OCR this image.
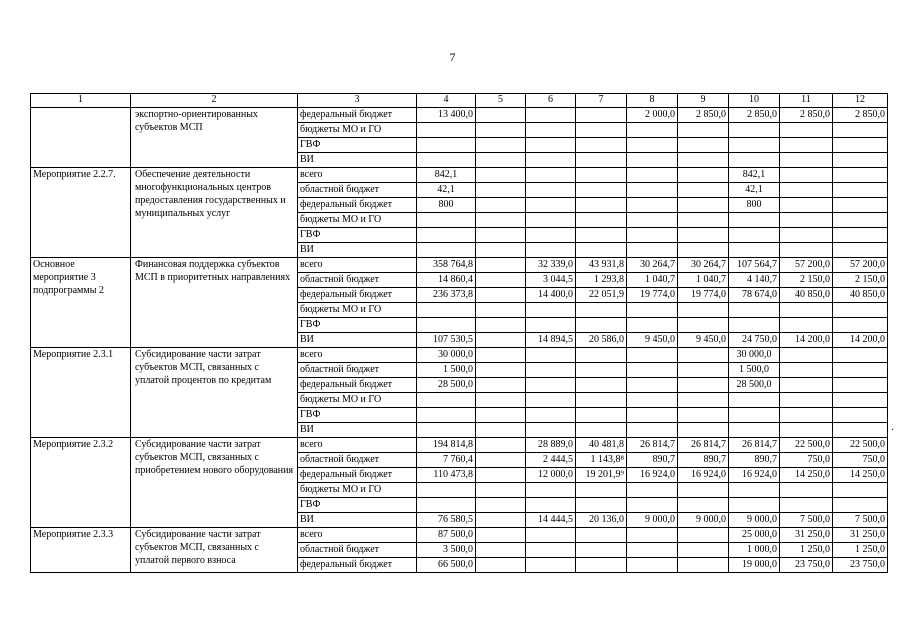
7
1	2	3	4	5	6	7	8	9	10	11	12
	экспортно-ориентированных субъектов МСП	федеральный бюджет	13 400,0				2 000,0	2 850,0	2 850,0	2 850,0	2 850,0
		бюджеты МО и ГО									
		ГВФ									
		ВИ									
Мероприятие 2.2.7.	Обеспечение деятельности многофункциональных центров предоставления государственных и муниципальных услуг	всего	842,1						842,1		
		областной бюджет	42,1						42,1		
		федеральный бюджет	800						800		
		бюджеты МО и ГО									
		ГВФ									
		ВИ									
Основное мероприятие 3 подпрограммы 2	Финансовая поддержка субъектов МСП в приоритетных направлениях	всего	358 764,8		32 339,0	43 931,8	30 264,7	30 264,7	107 564,7	57 200,0	57 200,0
		областной бюджет	14 860,4		3 044,5	1 293,8	1 040,7	1 040,7	4 140,7	2 150,0	2 150,0
		федеральный бюджет	236 373,8		14 400,0	22 051,9	19 774,0	19 774,0	78 674,0	40 850,0	40 850,0
		бюджеты МО и ГО									
		ГВФ									
		ВИ	107 530,5		14 894,5	20 586,0	9 450,0	9 450,0	24 750,0	14 200,0	14 200,0
Мероприятие 2.3.1	Субсидирование части затрат субъектов МСП, связанных с уплатой процентов по кредитам	всего	30 000,0						30 000,0		
		областной бюджет	1 500,0						1 500,0		
		федеральный бюджет	28 500,0						28 500,0		
		бюджеты МО и ГО									
		ГВФ									
		ВИ									
Мероприятие 2.3.2	Субсидирование части затрат субъектов МСП, связанных с приобретением нового оборудования	всего	194 814,8		28 889,0	40 481,8	26 814,7	26 814,7	26 814,7	22 500,0	22 500,0
		областной бюджет	7 760,4		2 444,5	1 143,8⁸	890,7	890,7	890,7	750,0	750,0
		федеральный бюджет	110 473,8		12 000,0	19 201,9⁹	16 924,0	16 924,0	16 924,0	14 250,0	14 250,0
		бюджеты МО и ГО									
		ГВФ									
		ВИ	76 580,5		14 444,5	20 136,0	9 000,0	9 000,0	9 000,0	7 500,0	7 500,0
Мероприятие 2.3.3	Субсидирование части затрат субъектов МСП, связанных с уплатой первого взноса	всего	87 500,0						25 000,0	31 250,0	31 250,0
		областной бюджет	3 500,0						1 000,0	1 250,0	1 250,0
		федеральный бюджет	66 500,0						19 000,0	23 750,0	23 750,0
·
